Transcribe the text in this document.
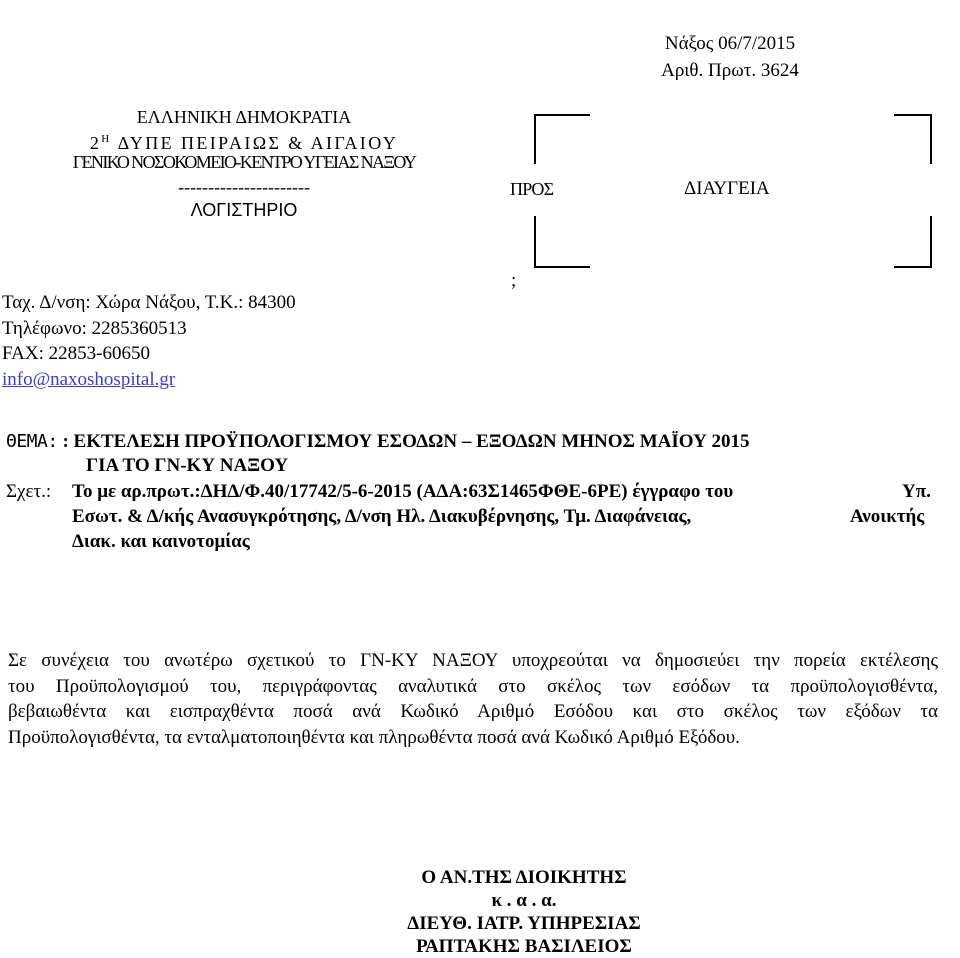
Νάξος 06/7/2015
Αριθ. Πρωτ. 3624
ΕΛΛΗΝΙΚΗ ΔΗΜΟΚΡΑΤΙΑ
$2^H$ ΔΥΠΕ ΠΕΙΡΑΙΩΣ & ΑΙΓΑΙΟΥ
ΓΕΝΙΚΟ ΝΟΣΟΚΟΜΕΙΟ-ΚΕΝΤΡΟ ΥΓΕΙΑΣ ΝΑΞΟΥ
----------------------
ΛΟΓΙΣΤΗΡΙΟ
Ταχ. Δ/νση: Χώρα Νάξου, Τ.Κ.: 84300
Τηλέφωνο: 2285360513
FAX: 22853-60650
info@naxoshospital.gr
ΠΡΟΣ	ΔΙΑΥΓΕΙΑ
;
ΘΕΜΑ: : ΕΚΤΕΛΕΣΗ ΠΡΟΫΠΟΛΟΓΙΣΜΟΥ ΕΣΟΔΩΝ – ΕΞΟΔΩΝ ΜΗΝΟΣ ΜΑΪΟΥ 2015
ΓΙΑ ΤΟ ΓΝ-ΚΥ ΝΑΞΟΥ
Σχετ.: Το με αρ.πρωτ.:ΔΗΔ/Φ.40/17742/5-6-2015 (ΑΔΑ:63Σ1465ΦΘΕ-6ΡΕ) έγγραφο του	Υπ.
Εσωτ. & Δ/κής Ανασυγκρότησης, Δ/νση Ηλ. Διακυβέρνησης, Τμ. Διαφάνειας,	Ανοικτής
Διακ. και καινοτομίας
Σε συνέχεια του ανωτέρω σχετικού το ΓΝ-ΚΥ ΝΑΞΟΥ υποχρεούται να δημοσιεύει την πορεία εκτέλεσης
του Προϋπολογισμού του, περιγράφοντας αναλυτικά στο σκέλος των εσόδων τα προϋπολογισθέντα,
βεβαιωθέντα και εισπραχθέντα ποσά ανά Κωδικό Αριθμό Εσόδου και στο σκέλος των εξόδων τα
Προϋπολογισθέντα, τα ενταλματοποιηθέντα και πληρωθέντα ποσά ανά Κωδικό Αριθμό Εξόδου.
Ο ΑΝ.ΤΗΣ ΔΙΟΙΚΗΤΗΣ
κ . α . α.
ΔΙΕΥΘ. ΙΑΤΡ. ΥΠΗΡΕΣΙΑΣ
ΡΑΠΤΑΚΗΣ ΒΑΣΙΛΕΙΟΣ
